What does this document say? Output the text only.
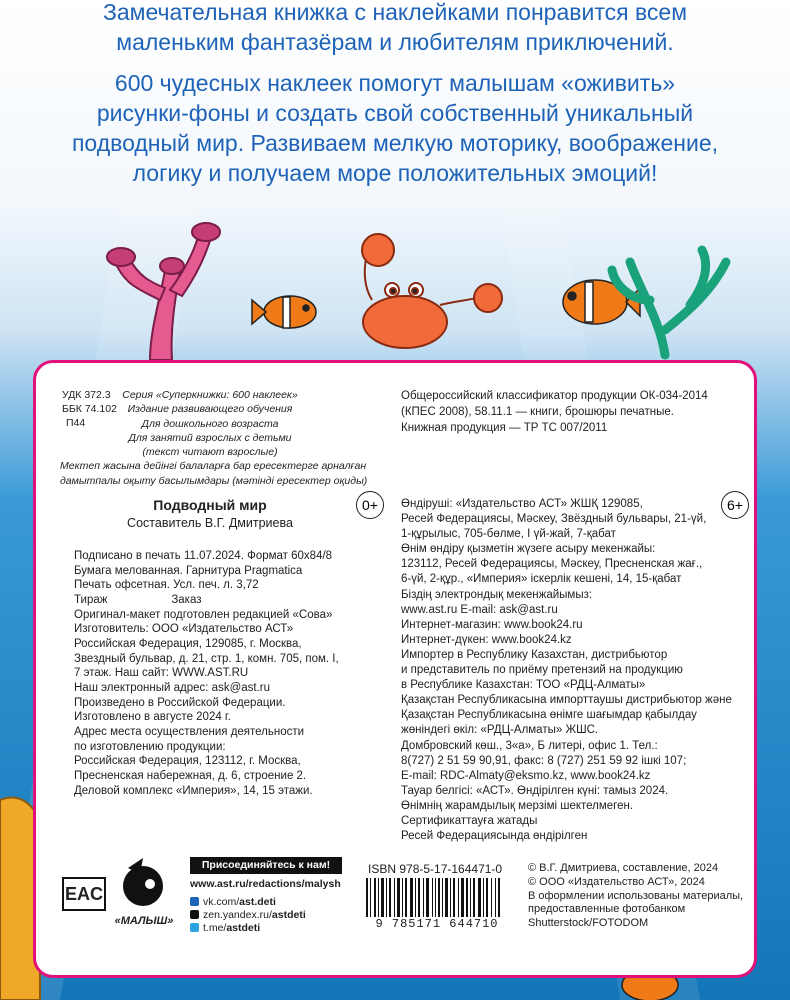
Замечательная книжка с наклейками понравится всем
маленьким фантазёрам и любителям приключений.
600 чудесных наклеек помогут малышам «оживить»
рисунки-фоны и создать свой собственный уникальный
подводный мир. Развиваем мелкую моторику, воображение,
логику и получаем море положительных эмоций!
УДК 372.3
ББК 74.102
П44
Серия «Суперкнижки: 600 наклеек»
Издание развивающего обучения
Для дошкольного возраста
Для занятий взрослых с детьми
(текст читают взрослые)
Мектеп жасына дейінгі балаларға бар ересектерге арналған
дамытпалы оқыту басылымдары (мәтінді ересектер оқиды)
Общероссийский классификатор продукции ОК-034-2014
(КПЕС 2008), 58.11.1 — книги, брошюры печатные.
Книжная продукция — ТР ТС 007/2011
Подводный мир
Составитель В.Г. Дмитриева
0+	6+
Подписано в печать 11.07.2024. Формат 60x84/8
Бумага мелованная. Гарнитура Pragmatica
Печать офсетная. Усл. печ. л. 3,72
Тираж                    Заказ
Оригинал-макет подготовлен редакцией «Сова»
Изготовитель: ООО «Издательство АСТ»
Российская Федерация, 129085, г. Москва,
Звездный бульвар, д. 21, стр. 1, комн. 705, пом. I,
7 этаж. Наш сайт: WWW.AST.RU
Наш электронный адрес: ask@ast.ru
Произведено в Российской Федерации.
Изготовлено в августе 2024 г.
Адрес места осуществления деятельности
по изготовлению продукции:
Российская Федерация, 123112, г. Москва,
Пресненская набережная, д. 6, строение 2.
Деловой комплекс «Империя», 14, 15 этажи.
Өндіруші: «Издательство АСТ» ЖШҚ 129085,
Ресей Федерациясы, Мәскеу, Звёздный бульвары, 21-үй,
1-құрылыс, 705-бөлме, I үй-жай, 7-қабат
Өнім өндіру қызметін жүзеге асыру мекенжайы:
123112, Ресей Федерациясы, Мәскеу, Пресненская жағ.,
6-үй, 2-құр., «Империя» іскерлік кешені, 14, 15-қабат
Біздің электрондық мекенжайымыз:
www.ast.ru E-mail: ask@ast.ru
Интернет-магазин: www.book24.ru
Интернет-дүкен: www.book24.kz
Импортер в Республику Казахстан, дистрибьютор
и представитель по приёму претензий на продукцию
в Республике Казахстан: ТОО «РДЦ-Алматы»
Қазақстан Республикасына импорттаушы дистрибьютор және
Қазақстан Республикасына өнімге шағымдар қабылдау
жөніндегі өкіл: «РДЦ-Алматы» ЖШС.
Домбровский көш., 3«а», Б литері, офис 1. Тел.:
8(727) 2 51 59 90,91, факс: 8 (727) 251 59 92 ішкі 107;
E-mail: RDC-Almaty@eksmo.kz, www.book24.kz
Тауар белгісі: «АСТ». Өндірілген күні: тамыз 2024.
Өнімнің жарамдылық мерзімі шектелмеген.
Сертификаттауға жатады
Ресей Федерациясында өндірілген
EAC
«МАЛЫШ»
Присоединяйтесь к нам!
www.ast.ru/redactions/malysh
vk.com/ast.deti
zen.yandex.ru/astdeti
t.me/astdeti
ISBN 978-5-17-164471-0
9 785171 644710
© В.Г. Дмитриева, составление, 2024
© ООО «Издательство АСТ», 2024
В оформлении использованы материалы,
предоставленные фотобанком
Shutterstock/FOTODOM
